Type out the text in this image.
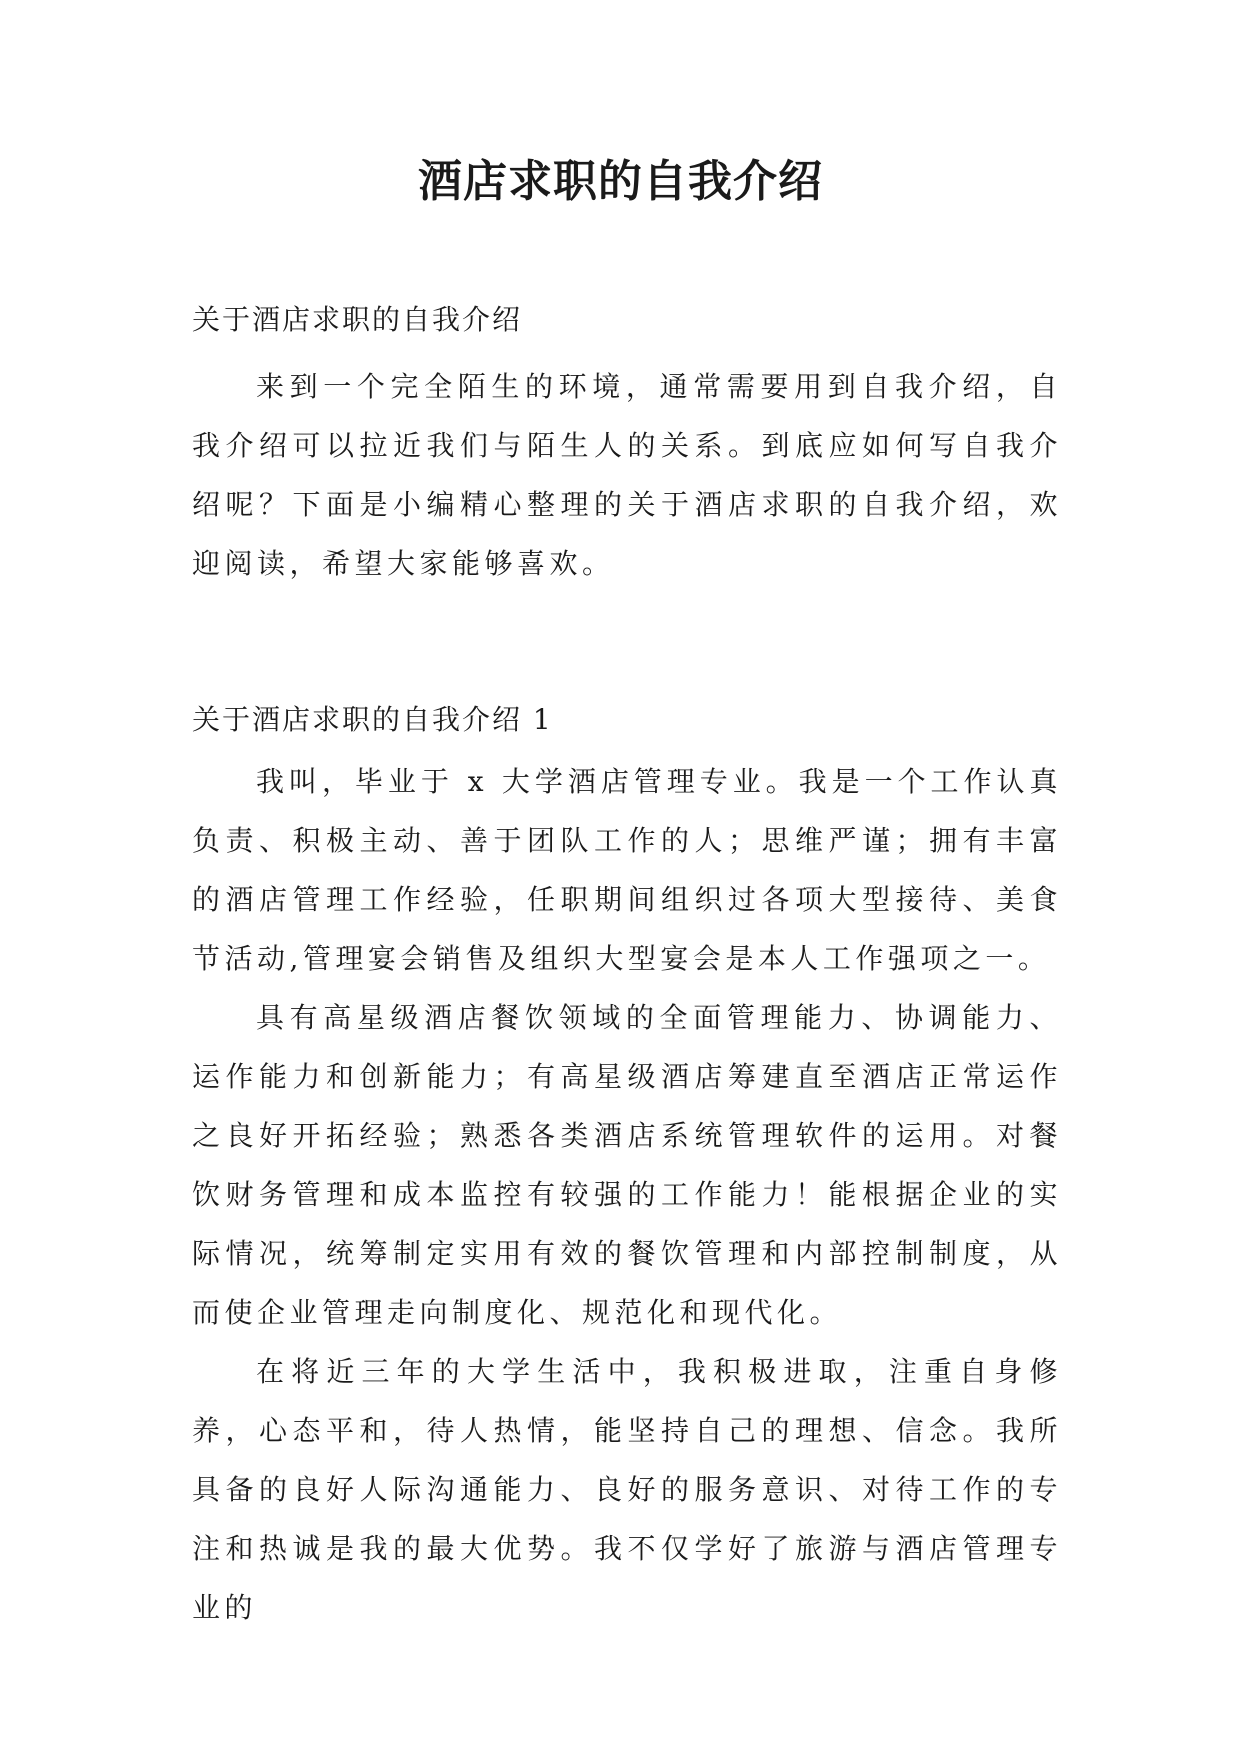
酒店求职的自我介绍

关于酒店求职的自我介绍

来到一个完全陌生的环境，通常需要用到自我介绍，自我介绍可以拉近我们与陌生人的关系。到底应如何写自我介绍呢？下面是小编精心整理的关于酒店求职的自我介绍，欢迎阅读，希望大家能够喜欢。

关于酒店求职的自我介绍 1

我叫，毕业于 x 大学酒店管理专业。我是一个工作认真负责、积极主动、善于团队工作的人；思维严谨；拥有丰富的酒店管理工作经验，任职期间组织过各项大型接待、美食节活动,管理宴会销售及组织大型宴会是本人工作强项之一。

具有高星级酒店餐饮领域的全面管理能力、协调能力、运作能力和创新能力；有高星级酒店筹建直至酒店正常运作之良好开拓经验；熟悉各类酒店系统管理软件的运用。对餐饮财务管理和成本监控有较强的工作能力！能根据企业的实际情况，统筹制定实用有效的餐饮管理和内部控制制度，从而使企业管理走向制度化、规范化和现代化。

在将近三年的大学生活中，我积极进取，注重自身修养，心态平和，待人热情，能坚持自己的理想、信念。我所具备的良好人际沟通能力、良好的服务意识、对待工作的专注和热诚是我的最大优势。我不仅学好了旅游与酒店管理专业的
